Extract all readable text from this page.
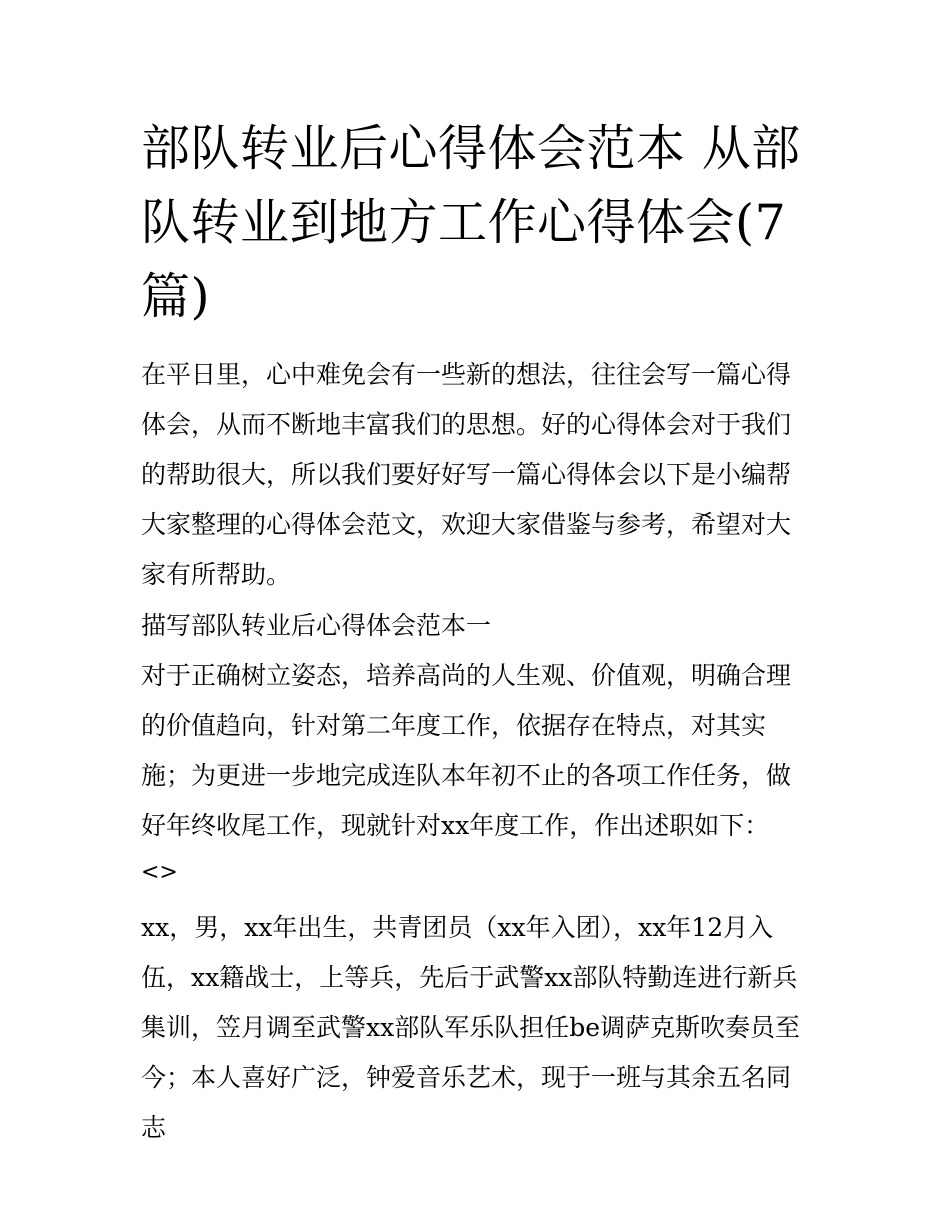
部队转业后心得体会范本 从部队转业到地方工作心得体会(7篇)

在平日里，心中难免会有一些新的想法，往往会写一篇心得体会，从而不断地丰富我们的思想。好的心得体会对于我们的帮助很大，所以我们要好好写一篇心得体会以下是小编帮大家整理的心得体会范文，欢迎大家借鉴与参考，希望对大家有所帮助。

描写部队转业后心得体会范本一

对于正确树立姿态，培养高尚的人生观、价值观，明确合理的价值趋向，针对第二年度工作，依据存在特点，对其实施；为更进一步地完成连队本年初不止的各项工作任务，做好年终收尾工作，现就针对xx年度工作，作出述职如下：

<>

xx，男，xx年出生，共青团员（xx年入团），xx年12月入伍，xx籍战士，上等兵，先后于武警xx部队特勤连进行新兵集训，笠月调至武警xx部队军乐队担任be调萨克斯吹奏员至今；本人喜好广泛，钟爱音乐艺术，现于一班与其余五名同志
